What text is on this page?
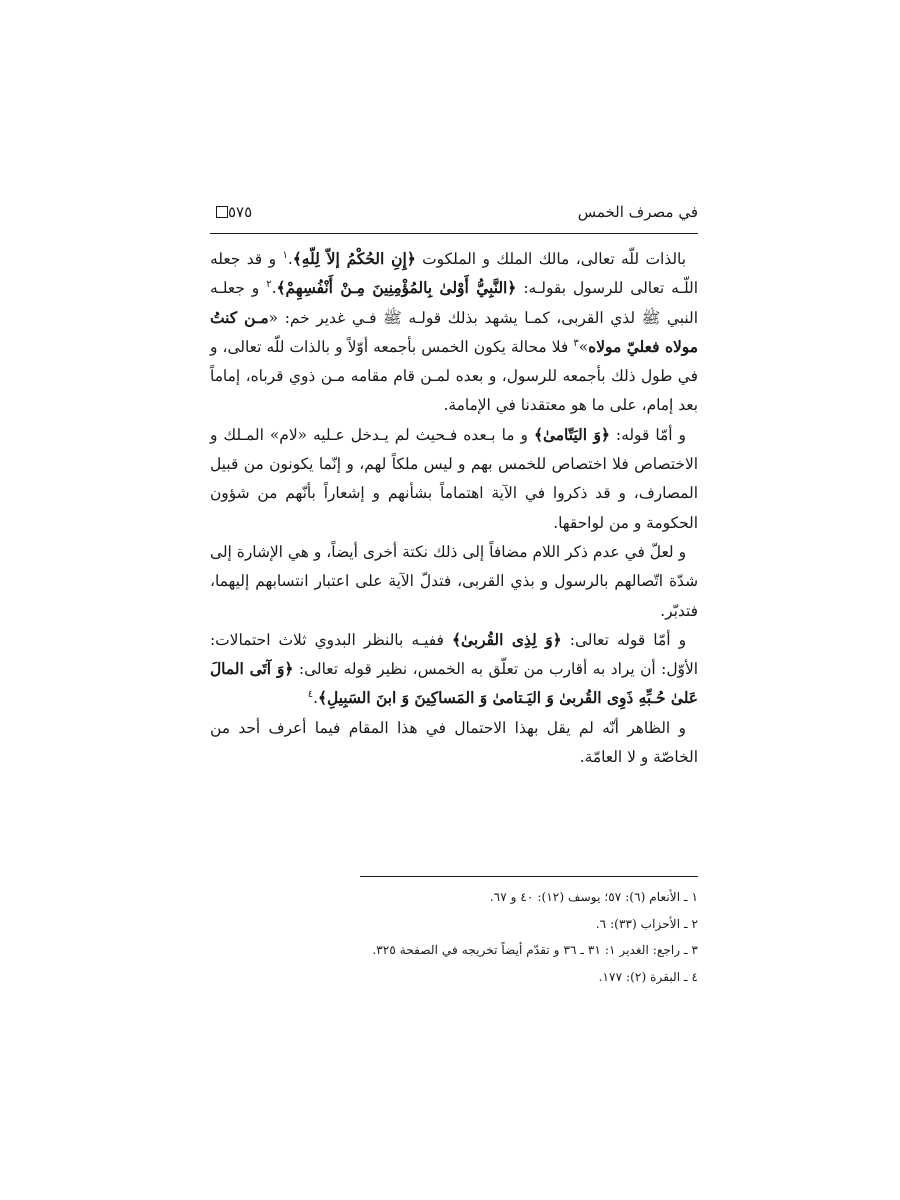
في مصرف الخمس
٥٧٥

بالذات للّه تعالى، مالك الملك و الملكوت ﴿إِنِ الحُكْمُ إلاّ لِلّهِ﴾.$^١$ و قد جعله اللّـه تعالى للرسول بقولـه: ﴿النَّبِيُّ أَوْلىٰ بِالمُؤْمِنِينَ مِـنْ أَنْفُسِهِمْ﴾.$^٢$ و جعلـه النبي ﷺ لذي القربى، كمـا يشهد بذلك قولـه ﷺ فـي غدير خم: «مـن كنتُ مولاه فعليّ مولاه»$^٣$ فلا محالة يكون الخمس بأجمعه أوّلاً و بالذات للّه تعالى، و في طول ذلك بأجمعه للرسول، و بعده لمـن قام مقامه مـن ذوي قرباه، إماماً بعد إمام، على ما هو معتقدنا في الإمامة.

و أمّا قوله: ﴿وَ اليَتّامىٰ﴾ و ما بـعده فـحيث لم يـدخل عـليه «لام» المـلك و الاختصاص فلا اختصاص للخمس بهم و ليس ملكاً لهم، و إنّما يكونون من قبيل المصارف، و قد ذكروا في الآية اهتماماً بشأنهم و إشعاراً بأنّهم من شؤون الحكومة و من لواحقها.

و لعلّ في عدم ذكر اللام مضافاً إلى ذلك نكتة أخرى أيضاً، و هي الإشارة إلى شدّة اتّصالهم بالرسول و بذي القربى، فتدلّ الآية على اعتبار انتسابهم إليهما، فتدبّر.

و أمّا قوله تعالى: ﴿وَ لِذِى القُربىٰ﴾ ففيـه بالنظر البدوي ثلاث احتمالات: الأوّل: أن يراد به أقارب من تعلّق به الخمس، نظير قوله تعالى: ﴿وَ آتَى المالَ عَلىٰ حُـبِّهِ ذَوِى القُربىٰ وَ اليَـتامىٰ وَ المَساكِينَ وَ ابنَ السَبِيلِ﴾.$^٤$

و الظاهر أنّه لم يقل بهذا الاحتمال في هذا المقام فيما أعرف أحد من الخاصّة و لا العامّة.

١ ـ الأنعام (٦): ٥٧؛ يوسف (١٢): ٤٠ و ٦٧.
٢ ـ الأحزاب (٣٣): ٦.
٣ ـ راجع: الغدير ١: ٣١ ـ ٣٦ و تقدّم أيضاً تخريجه في الصفحة ٣٢٥.
٤ ـ البقرة (٢): ١٧٧.
